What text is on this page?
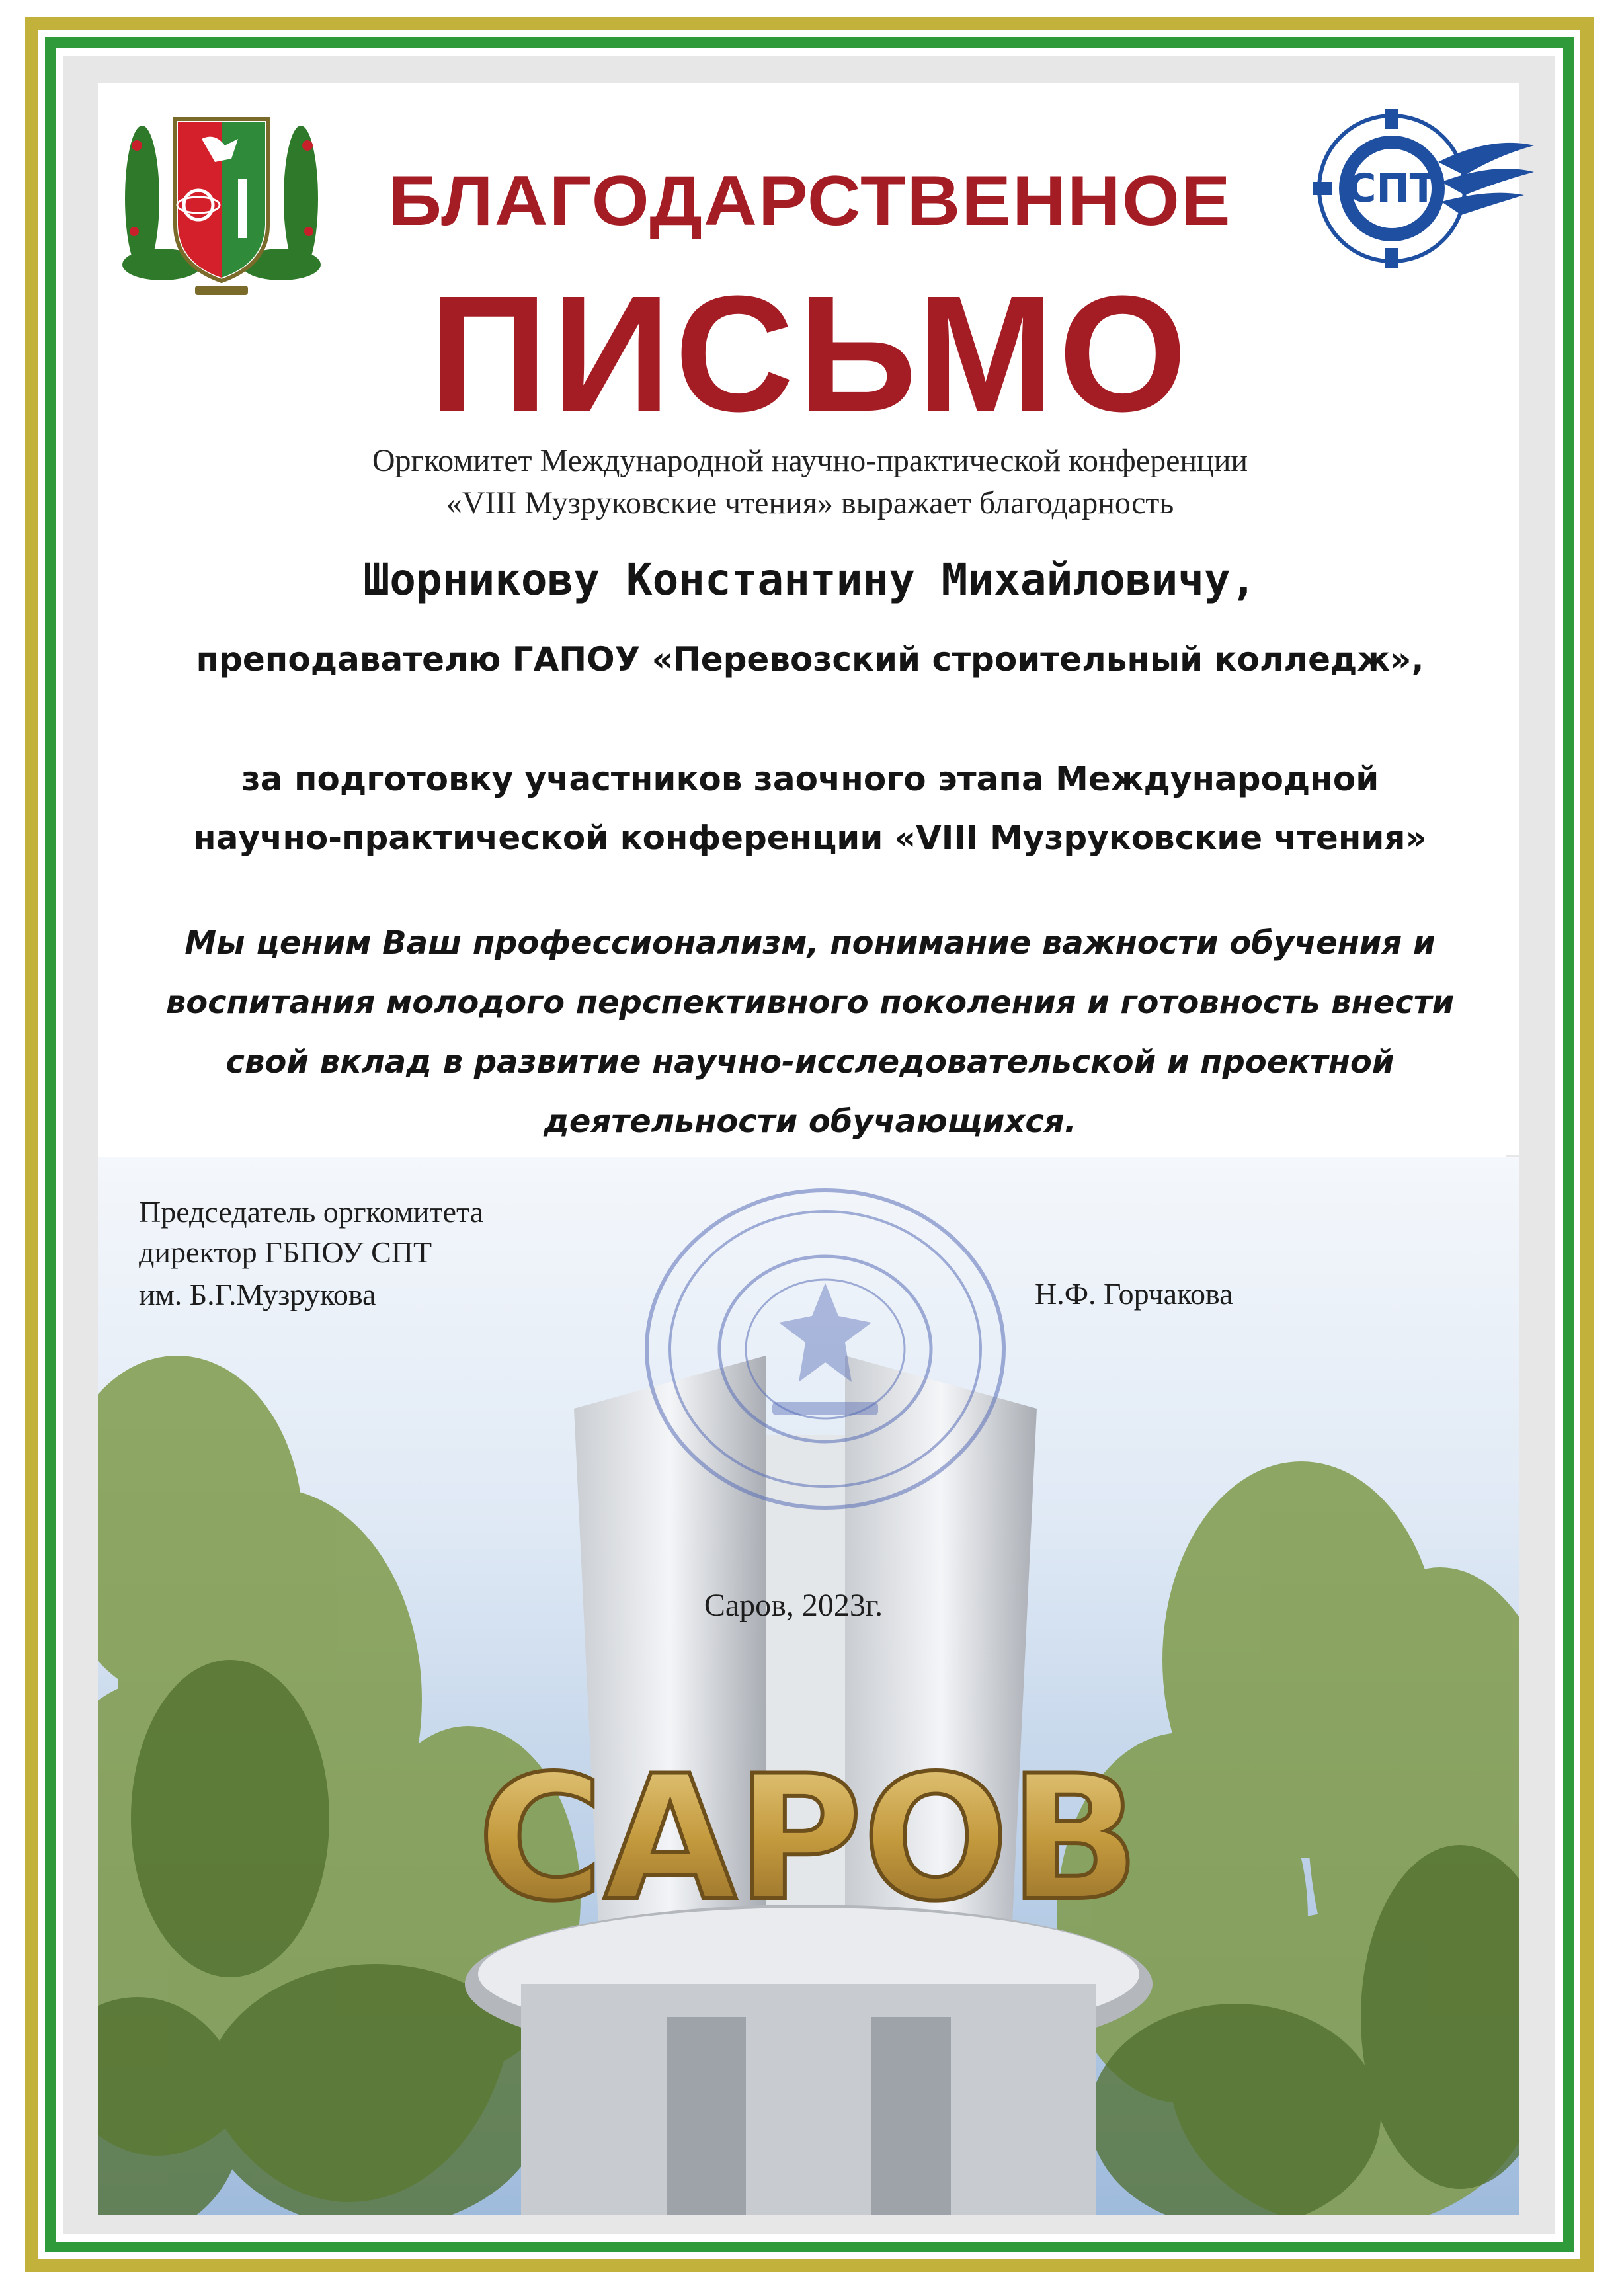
САРОВ
СПТ
БЛАГОДАРСТВЕННОЕ
ПИСЬМО
Оргкомитет Международной научно-практической конференции
«VIII Музруковские чтения» выражает благодарность
Шорникову Константину Михайловичу,
преподавателю ГАПОУ «Перевозский строительный колледж»,
за подготовку участников заочного этапа Международной
научно-практической конференции «VIII Музруковские чтения»
Мы ценим Ваш профессионализм, понимание важности обучения и
воспитания молодого перспективного поколения и готовность внести
свой вклад в развитие научно-исследовательской и проектной
деятельности обучающихся.
Председатель оргкомитета
директор ГБПОУ СПТ
им. Б.Г.Музрукова	Н.Ф. Горчакова
Саров, 2023г.
